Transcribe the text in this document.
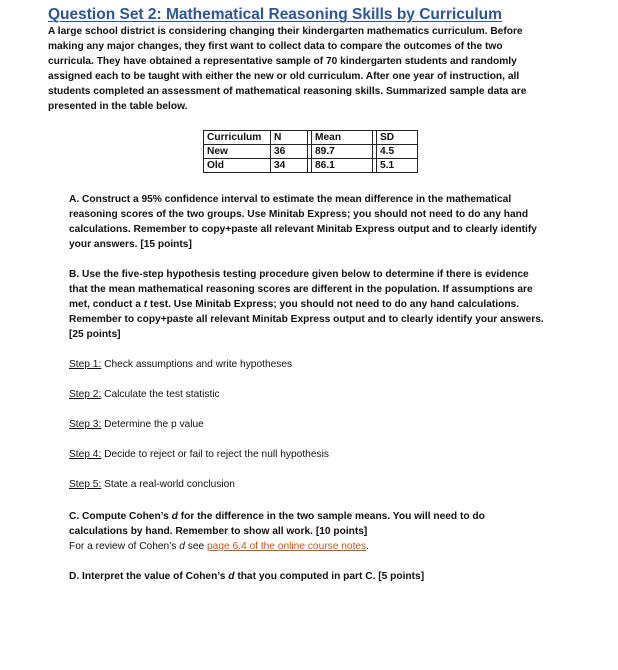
Question Set 2: Mathematical Reasoning Skills by Curriculum

A large school district is considering changing their kindergarten mathematics curriculum. Before
making any major changes, they first want to collect data to compare the outcomes of the two
curricula. They have obtained a representative sample of 70 kindergarten students and randomly
assigned each to be taught with either the new or old curriculum. After one year of instruction, all
students completed an assessment of mathematical reasoning skills. Summarized sample data are
presented in the table below.

Curriculum	N		Mean		SD
New	36		89.7		4.5
Old	34		86.1		5.1

A. Construct a 95% confidence interval to estimate the mean difference in the mathematical
reasoning scores of the two groups. Use Minitab Express; you should not need to do any hand
calculations. Remember to copy+paste all relevant Minitab Express output and to clearly identify
your answers. [15 points]

B. Use the five-step hypothesis testing procedure given below to determine if there is evidence
that the mean mathematical reasoning scores are different in the population. If assumptions are
met, conduct a t test. Use Minitab Express; you should not need to do any hand calculations.
Remember to copy+paste all relevant Minitab Express output and to clearly identify your answers.
[25 points]

Step 1: Check assumptions and write hypotheses
Step 2: Calculate the test statistic
Step 3: Determine the p value
Step 4: Decide to reject or fail to reject the null hypothesis
Step 5: State a real-world conclusion

C. Compute Cohen’s d for the difference in the two sample means. You will need to do
calculations by hand. Remember to show all work. [10 points]
For a review of Cohen’s d see page 6.4 of the online course notes.

D. Interpret the value of Cohen’s d that you computed in part C. [5 points]
